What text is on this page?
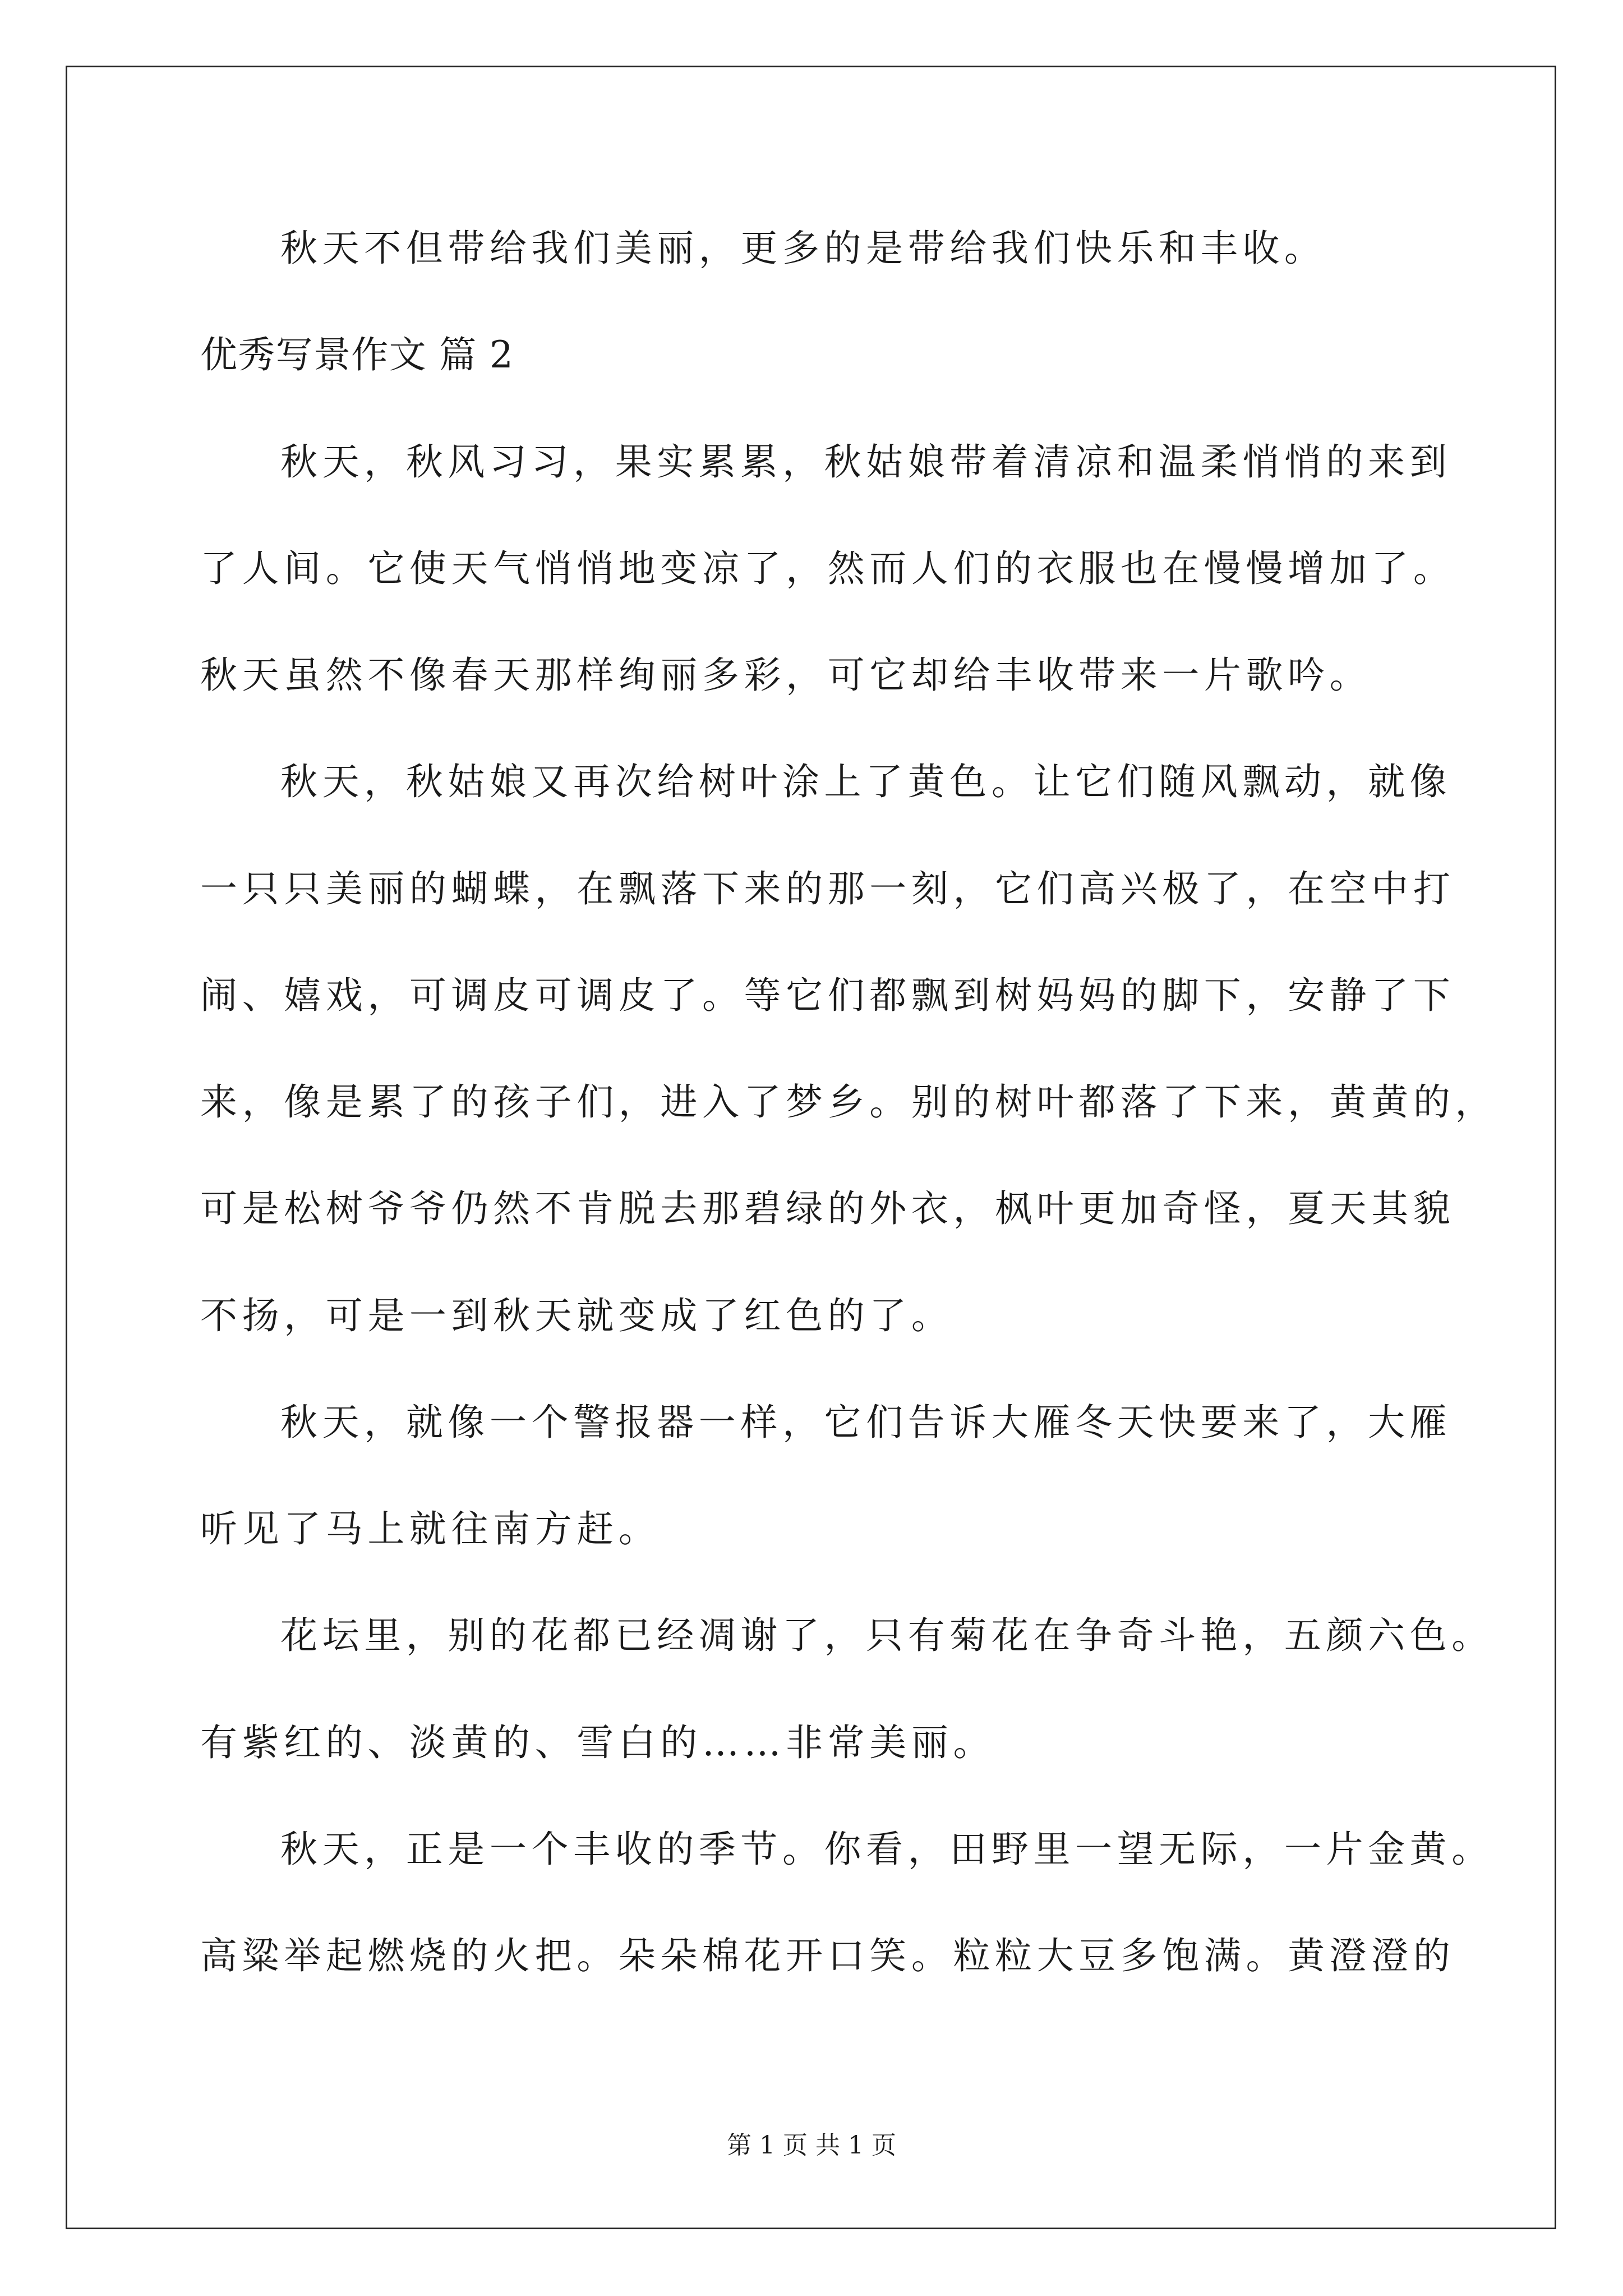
秋天不但带给我们美丽，更多的是带给我们快乐和丰收。
优秀写景作文 篇 2
秋天，秋风习习，果实累累，秋姑娘带着清凉和温柔悄悄的来到
了人间。它使天气悄悄地变凉了，然而人们的衣服也在慢慢增加了。
秋天虽然不像春天那样绚丽多彩，可它却给丰收带来一片歌吟。
秋天，秋姑娘又再次给树叶涂上了黄色。让它们随风飘动，就像
一只只美丽的蝴蝶，在飘落下来的那一刻，它们高兴极了，在空中打
闹、嬉戏，可调皮可调皮了。等它们都飘到树妈妈的脚下，安静了下
来，像是累了的孩子们，进入了梦乡。别的树叶都落了下来，黄黄的，
可是松树爷爷仍然不肯脱去那碧绿的外衣，枫叶更加奇怪，夏天其貌
不扬，可是一到秋天就变成了红色的了。
秋天，就像一个警报器一样，它们告诉大雁冬天快要来了，大雁
听见了马上就往南方赶。
花坛里，别的花都已经凋谢了，只有菊花在争奇斗艳，五颜六色。
有紫红的、淡黄的、雪白的……非常美丽。
秋天，正是一个丰收的季节。你看，田野里一望无际，一片金黄。
高粱举起燃烧的火把。朵朵棉花开口笑。粒粒大豆多饱满。黄澄澄的
第 1 页 共 1 页
